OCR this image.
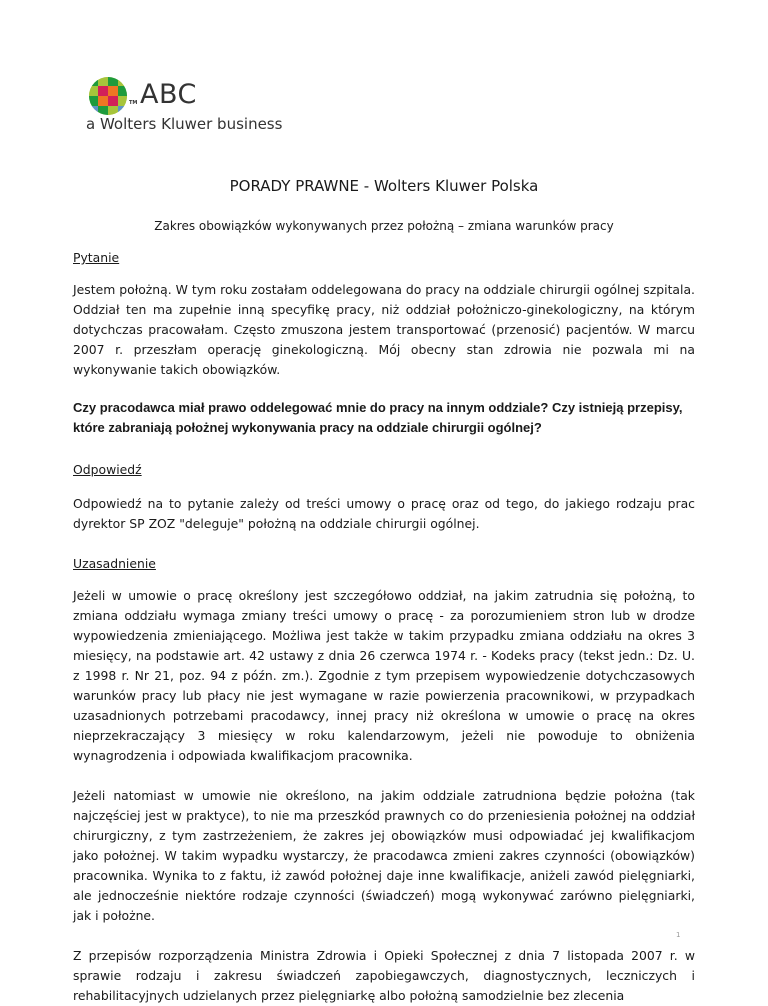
TM ABC
a Wolters Kluwer business
PORADY PRAWNE - Wolters Kluwer Polska
Zakres obowiązków wykonywanych przez położną – zmiana warunków pracy

Pytanie

Jestem położną. W tym roku zostałam oddelegowana do pracy na oddziale chirurgii ogólnej szpitala. Oddział ten ma zupełnie inną specyfikę pracy, niż oddział położniczo-ginekologiczny, na którym dotychczas pracowałam. Często zmuszona jestem transportować (przenosić) pacjentów. W marcu 2007 r. przeszłam operację ginekologiczną. Mój obecny stan zdrowia nie pozwala mi na wykonywanie takich obowiązków.

Czy pracodawca miał prawo oddelegować mnie do pracy na innym oddziale? Czy istnieją przepisy, które zabraniają położnej wykonywania pracy na oddziale chirurgii ogólnej?

Odpowiedź

Odpowiedź na to pytanie zależy od treści umowy o pracę oraz od tego, do jakiego rodzaju prac dyrektor SP ZOZ "deleguje" położną na oddziale chirurgii ogólnej.

Uzasadnienie

Jeżeli w umowie o pracę określony jest szczegółowo oddział, na jakim zatrudnia się położną, to zmiana oddziału wymaga zmiany treści umowy o pracę - za porozumieniem stron lub w drodze wypowiedzenia zmieniającego. Możliwa jest także w takim przypadku zmiana oddziału na okres 3 miesięcy, na podstawie art. 42 ustawy z dnia 26 czerwca 1974 r. - Kodeks pracy (tekst jedn.: Dz. U. z 1998 r. Nr 21, poz. 94 z późn. zm.). Zgodnie z tym przepisem wypowiedzenie dotychczasowych warunków pracy lub płacy nie jest wymagane w razie powierzenia pracownikowi, w przypadkach uzasadnionych potrzebami pracodawcy, innej pracy niż określona w umowie o pracę na okres nieprzekraczający 3 miesięcy w roku kalendarzowym, jeżeli nie powoduje to obniżenia wynagrodzenia i odpowiada kwalifikacjom pracownika.

Jeżeli natomiast w umowie nie określono, na jakim oddziale zatrudniona będzie położna (tak najczęściej jest w praktyce), to nie ma przeszkód prawnych co do przeniesienia położnej na oddział chirurgiczny, z tym zastrzeżeniem, że zakres jej obowiązków musi odpowiadać jej kwalifikacjom jako położnej. W takim wypadku wystarczy, że pracodawca zmieni zakres czynności (obowiązków) pracownika. Wynika to z faktu, iż zawód położnej daje inne kwalifikacje, aniżeli zawód pielęgniarki, ale jednocześnie niektóre rodzaje czynności (świadczeń) mogą wykonywać zarówno pielęgniarki, jak i położne.

Z przepisów rozporządzenia Ministra Zdrowia i Opieki Społecznej z dnia 7 listopada 2007 r. w sprawie rodzaju i zakresu świadczeń zapobiegawczych, diagnostycznych, leczniczych i rehabilitacyjnych udzielanych przez pielęgniarkę albo położną samodzielnie bez zlecenia

1
